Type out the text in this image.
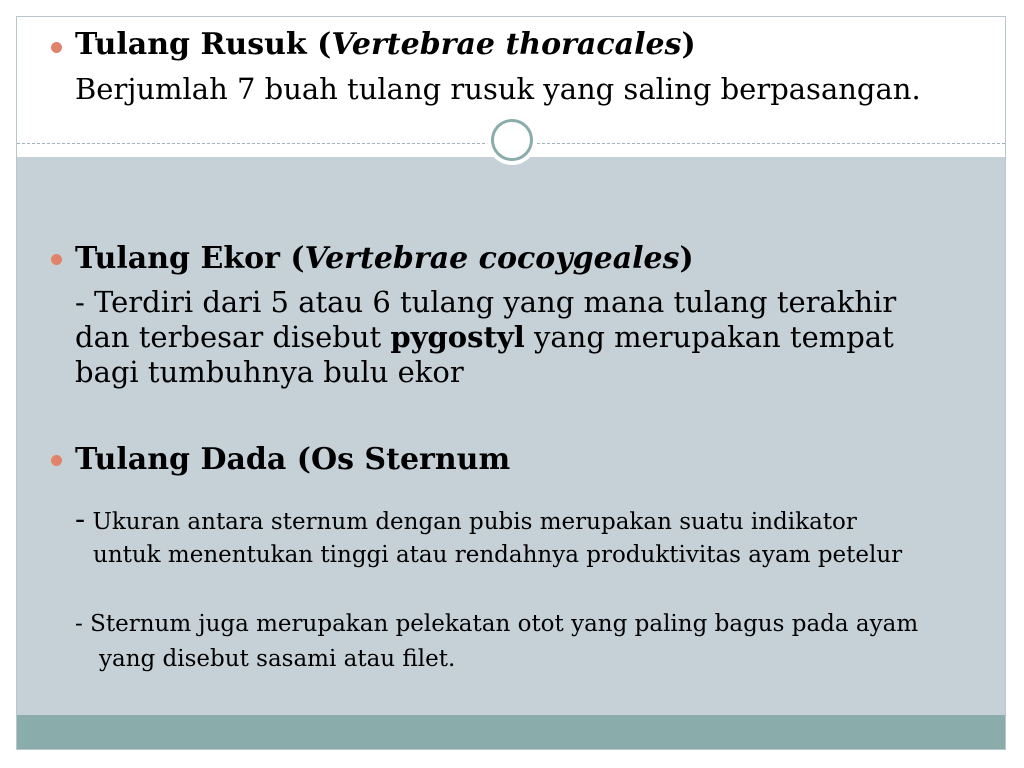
Tulang Rusuk (Vertebrae thoracales)
Berjumlah 7 buah tulang rusuk yang saling berpasangan.
Tulang Ekor (Vertebrae cocoygeales)
- Terdiri dari 5 atau 6 tulang yang mana tulang terakhir
dan terbesar disebut pygostyl yang merupakan tempat
bagi tumbuhnya bulu ekor
Tulang Dada (Os Sternum
- Ukuran antara sternum dengan pubis merupakan suatu indikator
untuk menentukan tinggi atau rendahnya produktivitas ayam petelur
- Sternum juga merupakan pelekatan otot yang paling bagus pada ayam
yang disebut sasami atau filet.
